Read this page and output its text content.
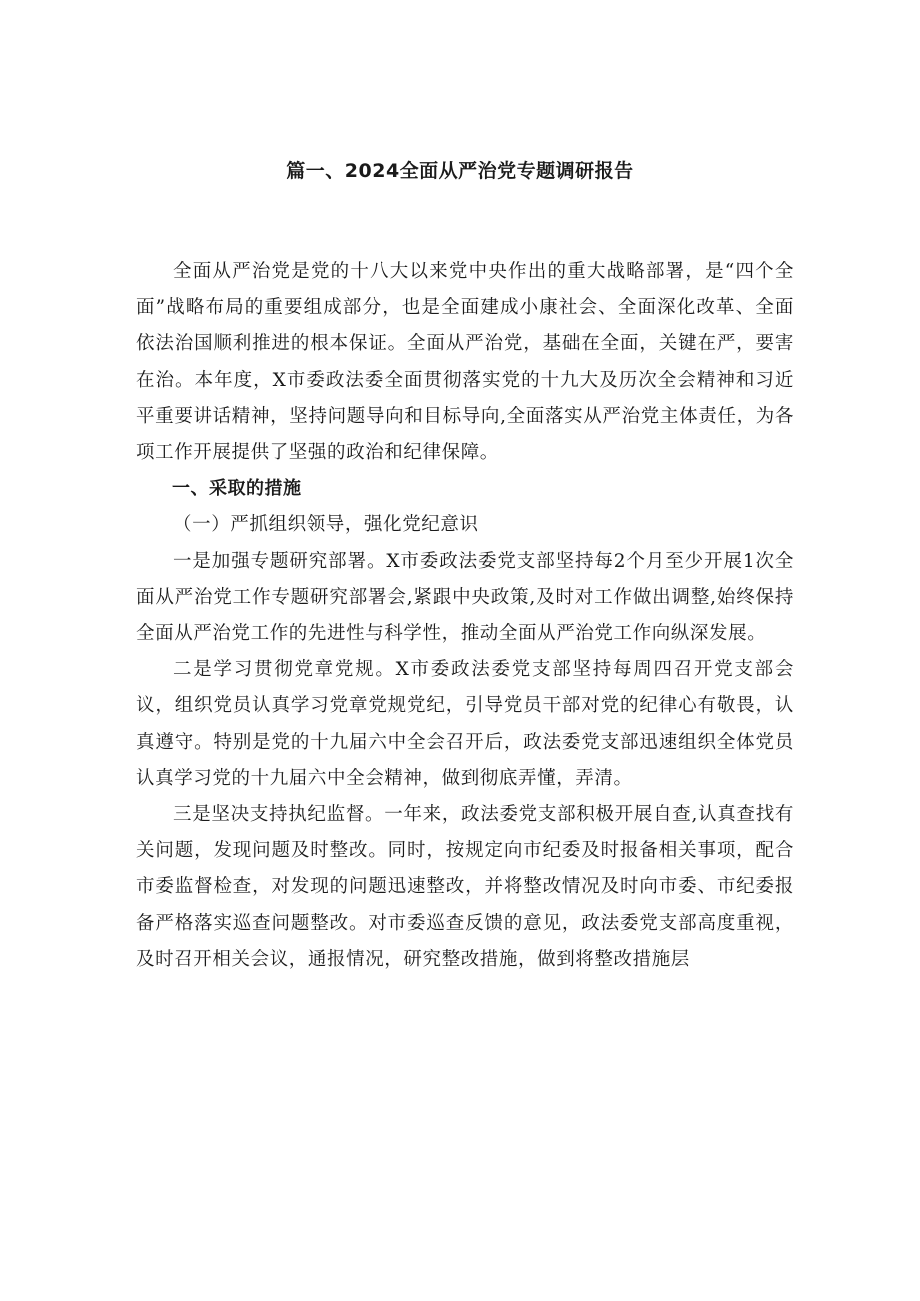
篇一、2024全面从严治党专题调研报告

全面从严治党是党的十八大以来党中央作出的重大战略部署，是“四个全面”战略布局的重要组成部分，也是全面建成小康社会、全面深化改革、全面依法治国顺利推进的根本保证。全面从严治党，基础在全面，关键在严，要害在治。本年度，X市委政法委全面贯彻落实党的十九大及历次全会精神和习近平重要讲话精神，坚持问题导向和目标导向,全面落实从严治党主体责任，为各项工作开展提供了坚强的政治和纪律保障。

一、采取的措施

（一）严抓组织领导，强化党纪意识

一是加强专题研究部署。X市委政法委党支部坚持每2个月至少开展1次全面从严治党工作专题研究部署会,紧跟中央政策,及时对工作做出调整,始终保持全面从严治党工作的先进性与科学性，推动全面从严治党工作向纵深发展。

二是学习贯彻党章党规。X市委政法委党支部坚持每周四召开党支部会议，组织党员认真学习党章党规党纪，引导党员干部对党的纪律心有敬畏，认真遵守。特别是党的十九届六中全会召开后，政法委党支部迅速组织全体党员认真学习党的十九届六中全会精神，做到彻底弄懂，弄清。

三是坚决支持执纪监督。一年来，政法委党支部积极开展自查,认真查找有关问题，发现问题及时整改。同时，按规定向市纪委及时报备相关事项，配合市委监督检查，对发现的问题迅速整改，并将整改情况及时向市委、市纪委报备严格落实巡查问题整改。对市委巡查反馈的意见，政法委党支部高度重视，及时召开相关会议，通报情况，研究整改措施，做到将整改措施层
